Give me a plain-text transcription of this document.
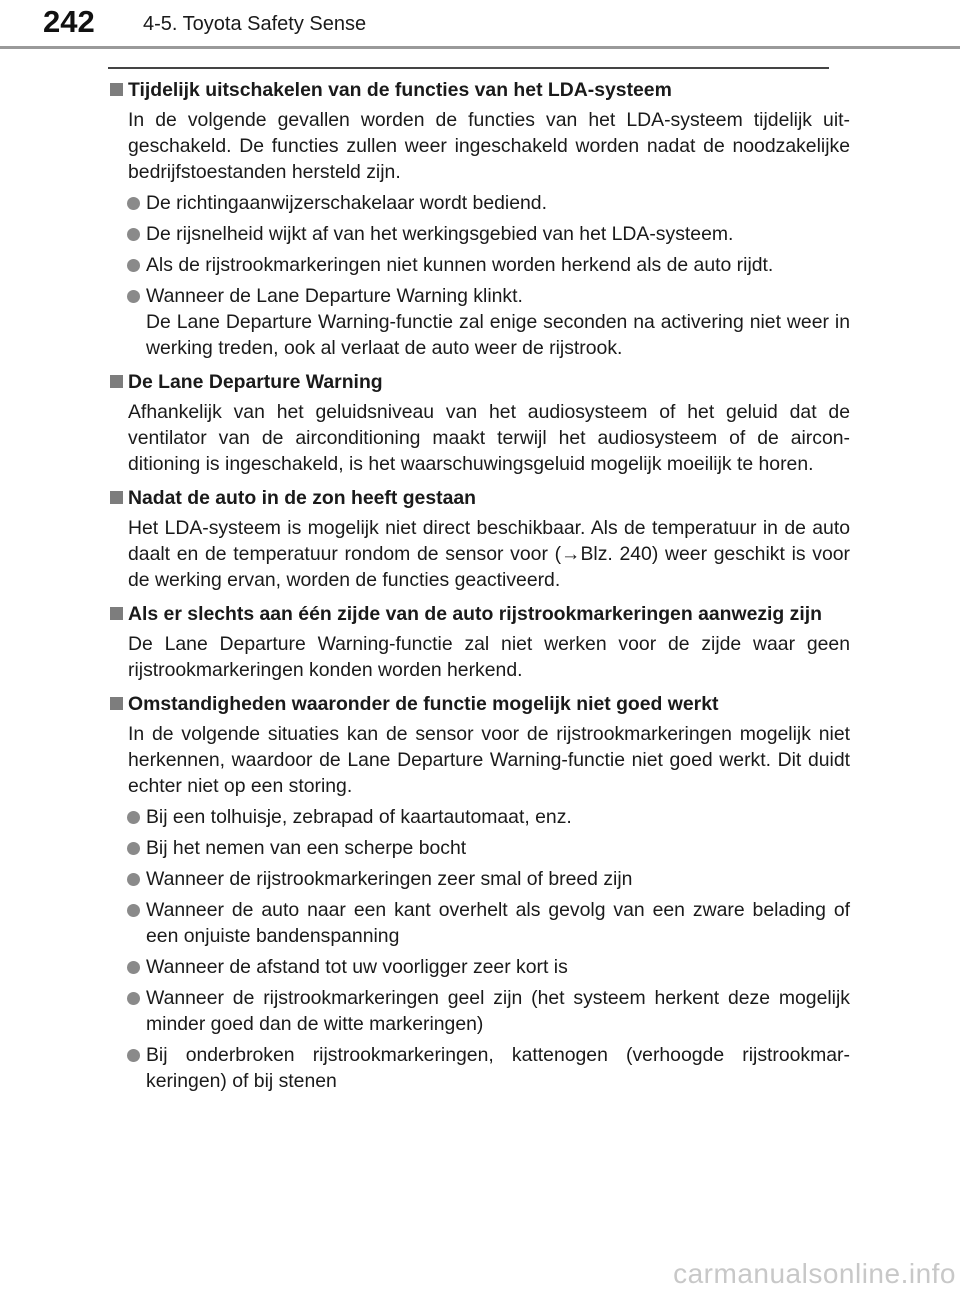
242 4-5. Toyota Safety Sense
Tijdelijk uitschakelen van de functies van het LDA-systeem
In de volgende gevallen worden de functies van het LDA-systeem tijdelijk uitgeschakeld. De functies zullen weer ingeschakeld worden nadat de noodzakelijke bedrijfstoestanden hersteld zijn.
De richtingaanwijzerschakelaar wordt bediend.
De rijsnelheid wijkt af van het werkingsgebied van het LDA-systeem.
Als de rijstrookmarkeringen niet kunnen worden herkend als de auto rijdt.
Wanneer de Lane Departure Warning klinkt.
De Lane Departure Warning-functie zal enige seconden na activering niet weer in werking treden, ook al verlaat de auto weer de rijstrook.
De Lane Departure Warning
Afhankelijk van het geluidsniveau van het audiosysteem of het geluid dat de ventilator van de airconditioning maakt terwijl het audiosysteem of de airconditioning is ingeschakeld, is het waarschuwingsgeluid mogelijk moeilijk te horen.
Nadat de auto in de zon heeft gestaan
Het LDA-systeem is mogelijk niet direct beschikbaar. Als de temperatuur in de auto daalt en de temperatuur rondom de sensor voor (→Blz. 240) weer geschikt is voor de werking ervan, worden de functies geactiveerd.
Als er slechts aan één zijde van de auto rijstrookmarkeringen aanwezig zijn
De Lane Departure Warning-functie zal niet werken voor de zijde waar geen rijstrookmarkeringen konden worden herkend.
Omstandigheden waaronder de functie mogelijk niet goed werkt
In de volgende situaties kan de sensor voor de rijstrookmarkeringen mogelijk niet herkennen, waardoor de Lane Departure Warning-functie niet goed werkt. Dit duidt echter niet op een storing.
Bij een tolhuisje, zebrapad of kaartautomaat, enz.
Bij het nemen van een scherpe bocht
Wanneer de rijstrookmarkeringen zeer smal of breed zijn
Wanneer de auto naar een kant overhelt als gevolg van een zware belading of een onjuiste bandenspanning
Wanneer de afstand tot uw voorligger zeer kort is
Wanneer de rijstrookmarkeringen geel zijn (het systeem herkent deze mogelijk minder goed dan de witte markeringen)
Bij onderbroken rijstrookmarkeringen, kattenogen (verhoogde rijstrookmarkeringen) of bij stenen
carmanualsonline.info
